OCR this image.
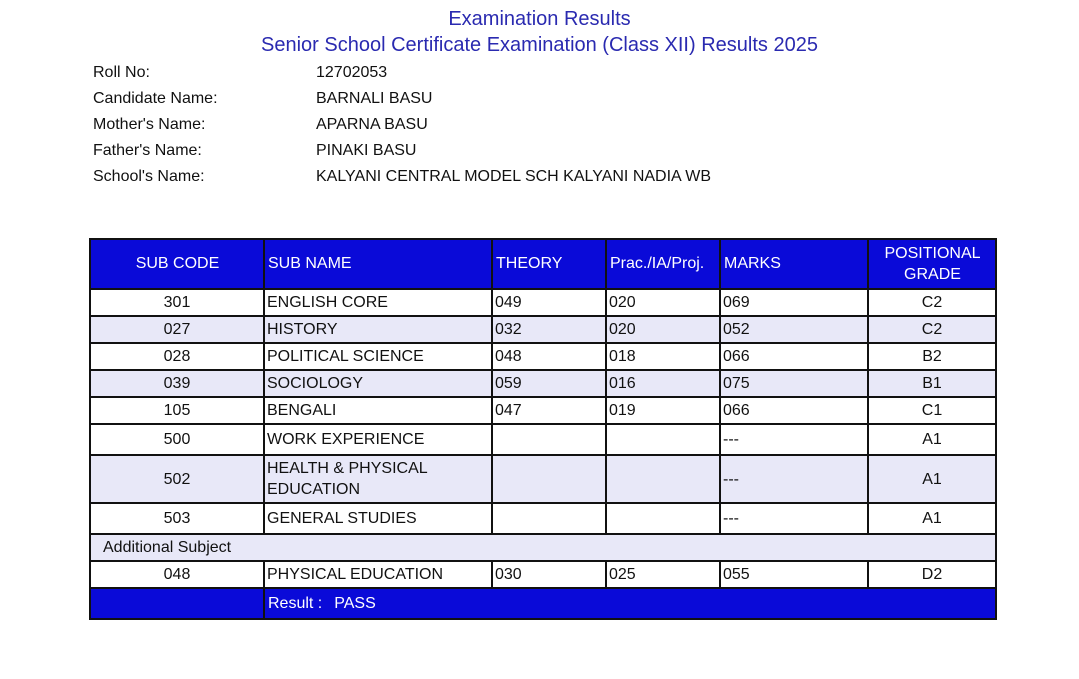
Examination Results
Senior School Certificate Examination (Class XII) Results 2025
Roll No:	12702053
Candidate Name:	BARNALI BASU
Mother's Name:	APARNA BASU
Father's Name:	PINAKI BASU
School's Name:	KALYANI CENTRAL MODEL SCH KALYANI NADIA WB
SUB CODE	SUB NAME	THEORY	Prac./IA/Proj.	MARKS	POSITIONAL
GRADE
301	ENGLISH CORE	049	020	069	C2
027	HISTORY	032	020	052	C2
028	POLITICAL SCIENCE	048	018	066	B2
039	SOCIOLOGY	059	016	075	B1
105	BENGALI	047	019	066	C1
500	WORK EXPERIENCE			---	A1
502	HEALTH & PHYSICAL
EDUCATION			---	A1
503	GENERAL STUDIES			---	A1
Additional Subject					
048	PHYSICAL EDUCATION	030	025	055	D2
	Result : PASS				
